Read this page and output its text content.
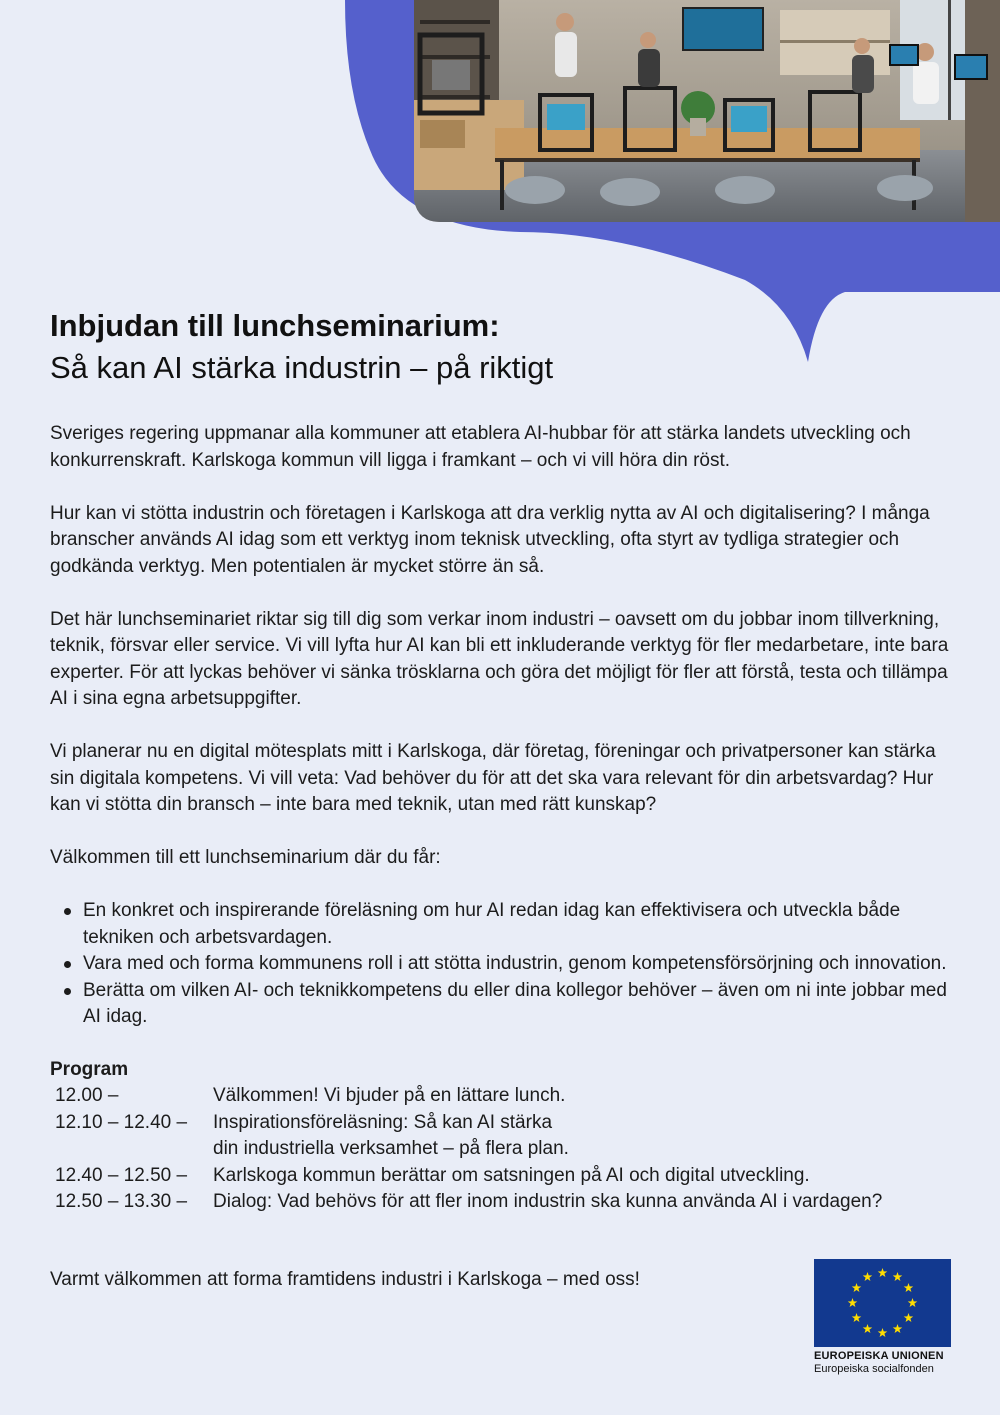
Inbjudan till lunchseminarium:
Så kan AI stärka industrin – på riktigt

Sveriges regering uppmanar alla kommuner att etablera AI-hubbar för att stärka landets utveckling och konkurrenskraft. Karlskoga kommun vill ligga i framkant – och vi vill höra din röst.

Hur kan vi stötta industrin och företagen i Karlskoga att dra verklig nytta av AI och digitalisering? I många branscher används AI idag som ett verktyg inom teknisk utveckling, ofta styrt av tydliga strategier och godkända verktyg. Men potentialen är mycket större än så.

Det här lunchseminariet riktar sig till dig som verkar inom industri – oavsett om du jobbar inom tillverkning, teknik, försvar eller service. Vi vill lyfta hur AI kan bli ett inkluderande verktyg för fler medarbetare, inte bara experter. För att lyckas behöver vi sänka trösklarna och göra det möjligt för fler att förstå, testa och tillämpa AI i sina egna arbetsuppgifter.

Vi planerar nu en digital mötesplats mitt i Karlskoga, där företag, föreningar och privatpersoner kan stärka sin digitala kompetens. Vi vill veta: Vad behöver du för att det ska vara relevant för din arbetsvardag? Hur kan vi stötta din bransch – inte bara med teknik, utan med rätt kunskap?

Välkommen till ett lunchseminarium där du får:

En konkret och inspirerande föreläsning om hur AI redan idag kan effektivisera och utveckla både tekniken och arbetsvardagen.
Vara med och forma kommunens roll i att stötta industrin, genom kompetensförsörjning och innovation.
Berätta om vilken AI- och teknikkompetens du eller dina kollegor behöver – även om ni inte jobbar med AI idag.
Program
12.00 –	Välkommen! Vi bjuder på en lättare lunch.
12.10 – 12.40 –	Inspirationsföreläsning: Så kan AI stärka
din industriella verksamhet – på flera plan.
12.40 – 12.50 –	Karlskoga kommun berättar om satsningen på AI och digital utveckling.
12.50 – 13.30 –	Dialog: Vad behövs för att fler inom industrin ska kunna använda AI i vardagen?
Varmt välkommen att forma framtidens industri i Karlskoga – med oss!
EUROPEISKA UNIONEN
Europeiska socialfonden
